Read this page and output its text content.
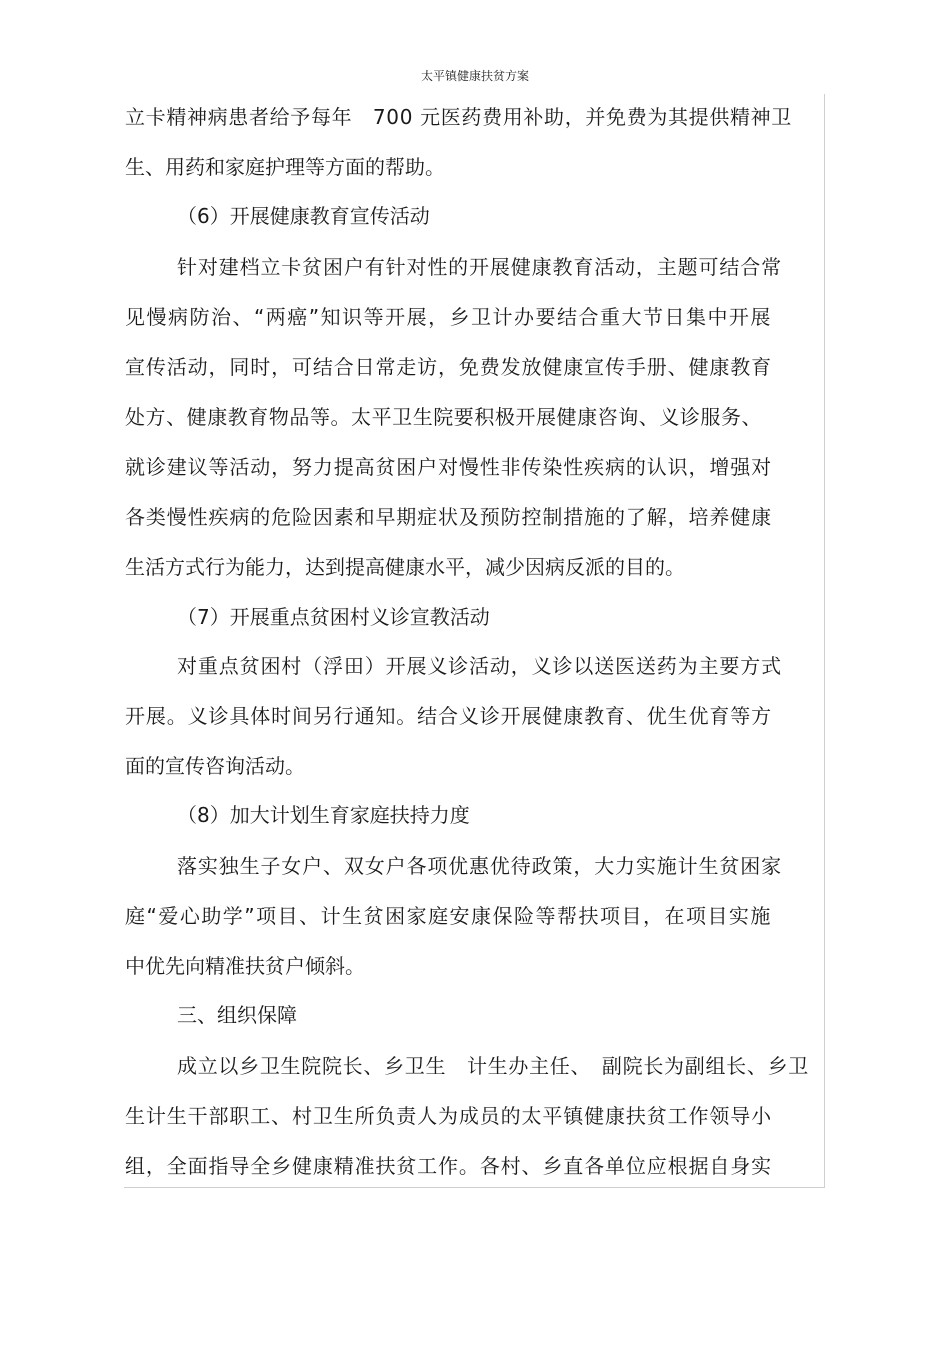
太平镇健康扶贫方案
立卡精神病患者给予每年　700 元医药费用补助，并免费为其提供精神卫
生、用药和家庭护理等方面的帮助。
（6）开展健康教育宣传活动
针对建档立卡贫困户有针对性的开展健康教育活动，主题可结合常
见慢病防治、“两癌”知识等开展，乡卫计办要结合重大节日集中开展
宣传活动，同时，可结合日常走访，免费发放健康宣传手册、健康教育
处方、健康教育物品等。太平卫生院要积极开展健康咨询、义诊服务、
就诊建议等活动，努力提高贫困户对慢性非传染性疾病的认识，增强对
各类慢性疾病的危险因素和早期症状及预防控制措施的了解，培养健康
生活方式行为能力，达到提高健康水平，减少因病反派的目的。
（7）开展重点贫困村义诊宣教活动
对重点贫困村（浮田）开展义诊活动，义诊以送医送药为主要方式
开展。义诊具体时间另行通知。结合义诊开展健康教育、优生优育等方
面的宣传咨询活动。
（8）加大计划生育家庭扶持力度
落实独生子女户、双女户各项优惠优待政策，大力实施计生贫困家
庭“爱心助学”项目、计生贫困家庭安康保险等帮扶项目，在项目实施
中优先向精准扶贫户倾斜。
三、组织保障
成立以乡卫生院院长、乡卫生　计生办主任、　副院长为副组长、乡卫
生计生干部职工、村卫生所负责人为成员的太平镇健康扶贫工作领导小
组，全面指导全乡健康精准扶贫工作。各村、乡直各单位应根据自身实
